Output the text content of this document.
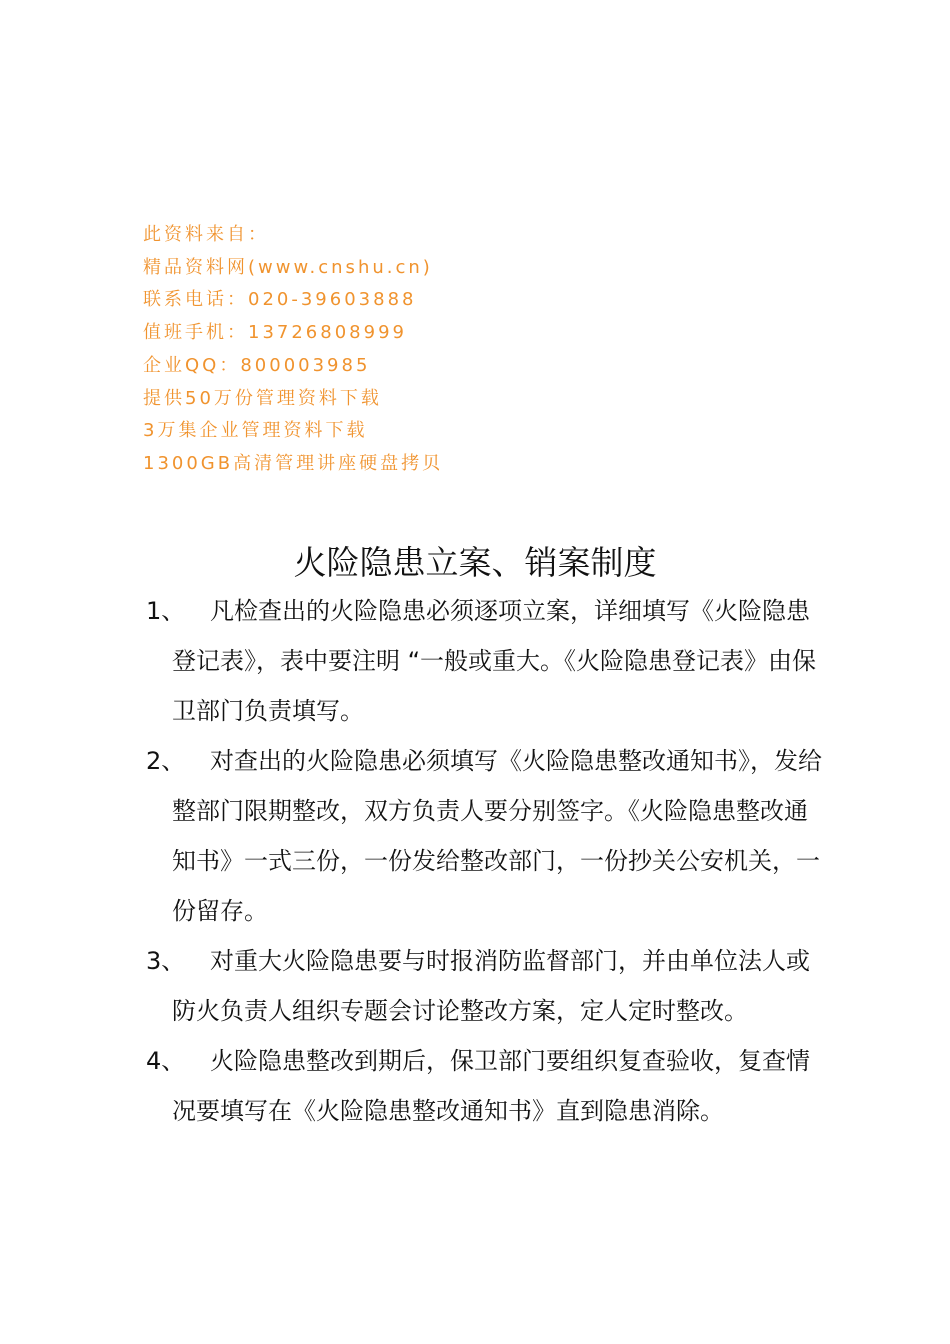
此资料来自：
精品资料网(www.cnshu.cn)
联系电话：020-39603888
值班手机：13726808999
企业QQ：800003985
提供50万份管理资料下载
3万集企业管理资料下载
1300GB高清管理讲座硬盘拷贝
火险隐患立案、销案制度
1、	凡检查出的火险隐患必须逐项立案，详细填写《火险隐患登记表》，表中要注明 “一般或重大。《火险隐患登记表》由保卫部门负责填写。
2、	对查出的火险隐患必须填写《火险隐患整改通知书》，发给整部门限期整改，双方负责人要分别签字。《火险隐患整改通知书》一式三份，一份发给整改部门，一份抄关公安机关，一份留存。
3、	对重大火险隐患要与时报消防监督部门，并由单位法人或防火负责人组织专题会讨论整改方案，定人定时整改。
4、	火险隐患整改到期后，保卫部门要组织复查验收，复查情况要填写在《火险隐患整改通知书》直到隐患消除。
